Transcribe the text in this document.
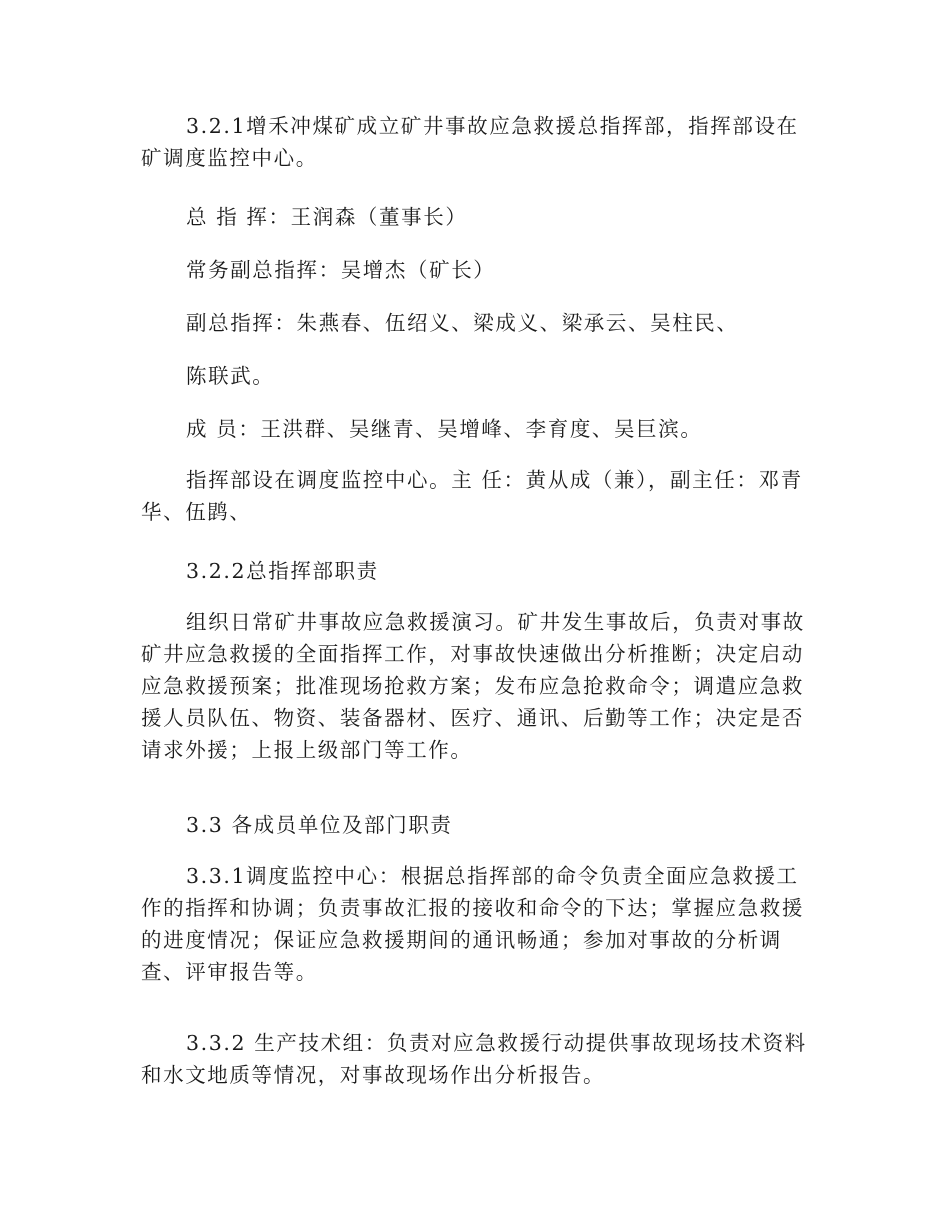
3.2.1增禾冲煤矿成立矿井事故应急救援总指挥部，指挥部设在矿调度监控中心。

总 指 挥：王润森（董事长）

常务副总指挥：吴增杰（矿长）

副总指挥：朱燕春、伍绍义、梁成义、梁承云、吴柱民、

陈联武。

成 员：王洪群、吴继青、吴增峰、李育度、吴巨滨。

指挥部设在调度监控中心。主 任：黄从成（兼），副主任：邓青华、伍鹍、

3.2.2总指挥部职责

组织日常矿井事故应急救援演习。矿井发生事故后，负责对事故矿井应急救援的全面指挥工作，对事故快速做出分析推断；决定启动应急救援预案；批准现场抢救方案；发布应急抢救命令；调遣应急救援人员队伍、物资、装备器材、医疗、通讯、后勤等工作；决定是否请求外援；上报上级部门等工作。

3.3 各成员单位及部门职责

3.3.1调度监控中心：根据总指挥部的命令负责全面应急救援工作的指挥和协调；负责事故汇报的接收和命令的下达；掌握应急救援的进度情况；保证应急救援期间的通讯畅通；参加对事故的分析调查、评审报告等。

3.3.2 生产技术组：负责对应急救援行动提供事故现场技术资料和水文地质等情况，对事故现场作出分析报告。
